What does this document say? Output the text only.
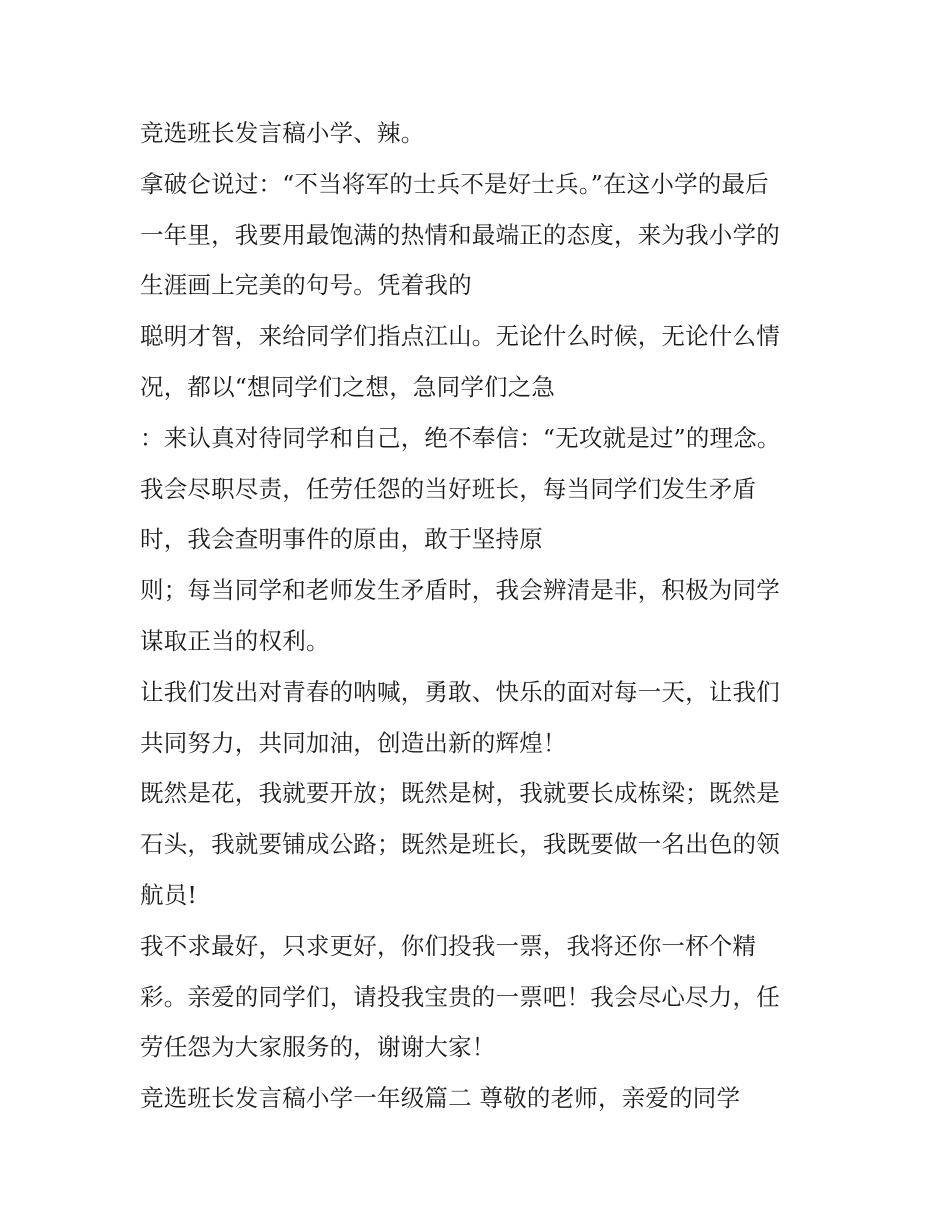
竞选班长发言稿小学、辣。
拿破仑说过：“不当将军的士兵不是好士兵。”在这小学的最后
一年里，我要用最饱满的热情和最端正的态度，来为我小学的
生涯画上完美的句号。凭着我的
聪明才智，来给同学们指点江山。无论什么时候，无论什么情
况，都以“想同学们之想，急同学们之急
：来认真对待同学和自己，绝不奉信：“无攻就是过”的理念。
我会尽职尽责，任劳任怨的当好班长，每当同学们发生矛盾
时，我会查明事件的原由，敢于坚持原
则；每当同学和老师发生矛盾时，我会辨清是非，积极为同学
谋取正当的权利。
让我们发出对青春的呐喊，勇敢、快乐的面对每一天，让我们
共同努力，共同加油，创造出新的辉煌！
既然是花，我就要开放；既然是树，我就要长成栋梁；既然是
石头，我就要铺成公路；既然是班长，我既要做一名出色的领
航员!
我不求最好，只求更好，你们投我一票，我将还你一杯个精
彩。亲爱的同学们，请投我宝贵的一票吧！我会尽心尽力，任
劳任怨为大家服务的，谢谢大家！
竞选班长发言稿小学一年级篇二 尊敬的老师，亲爱的同学
